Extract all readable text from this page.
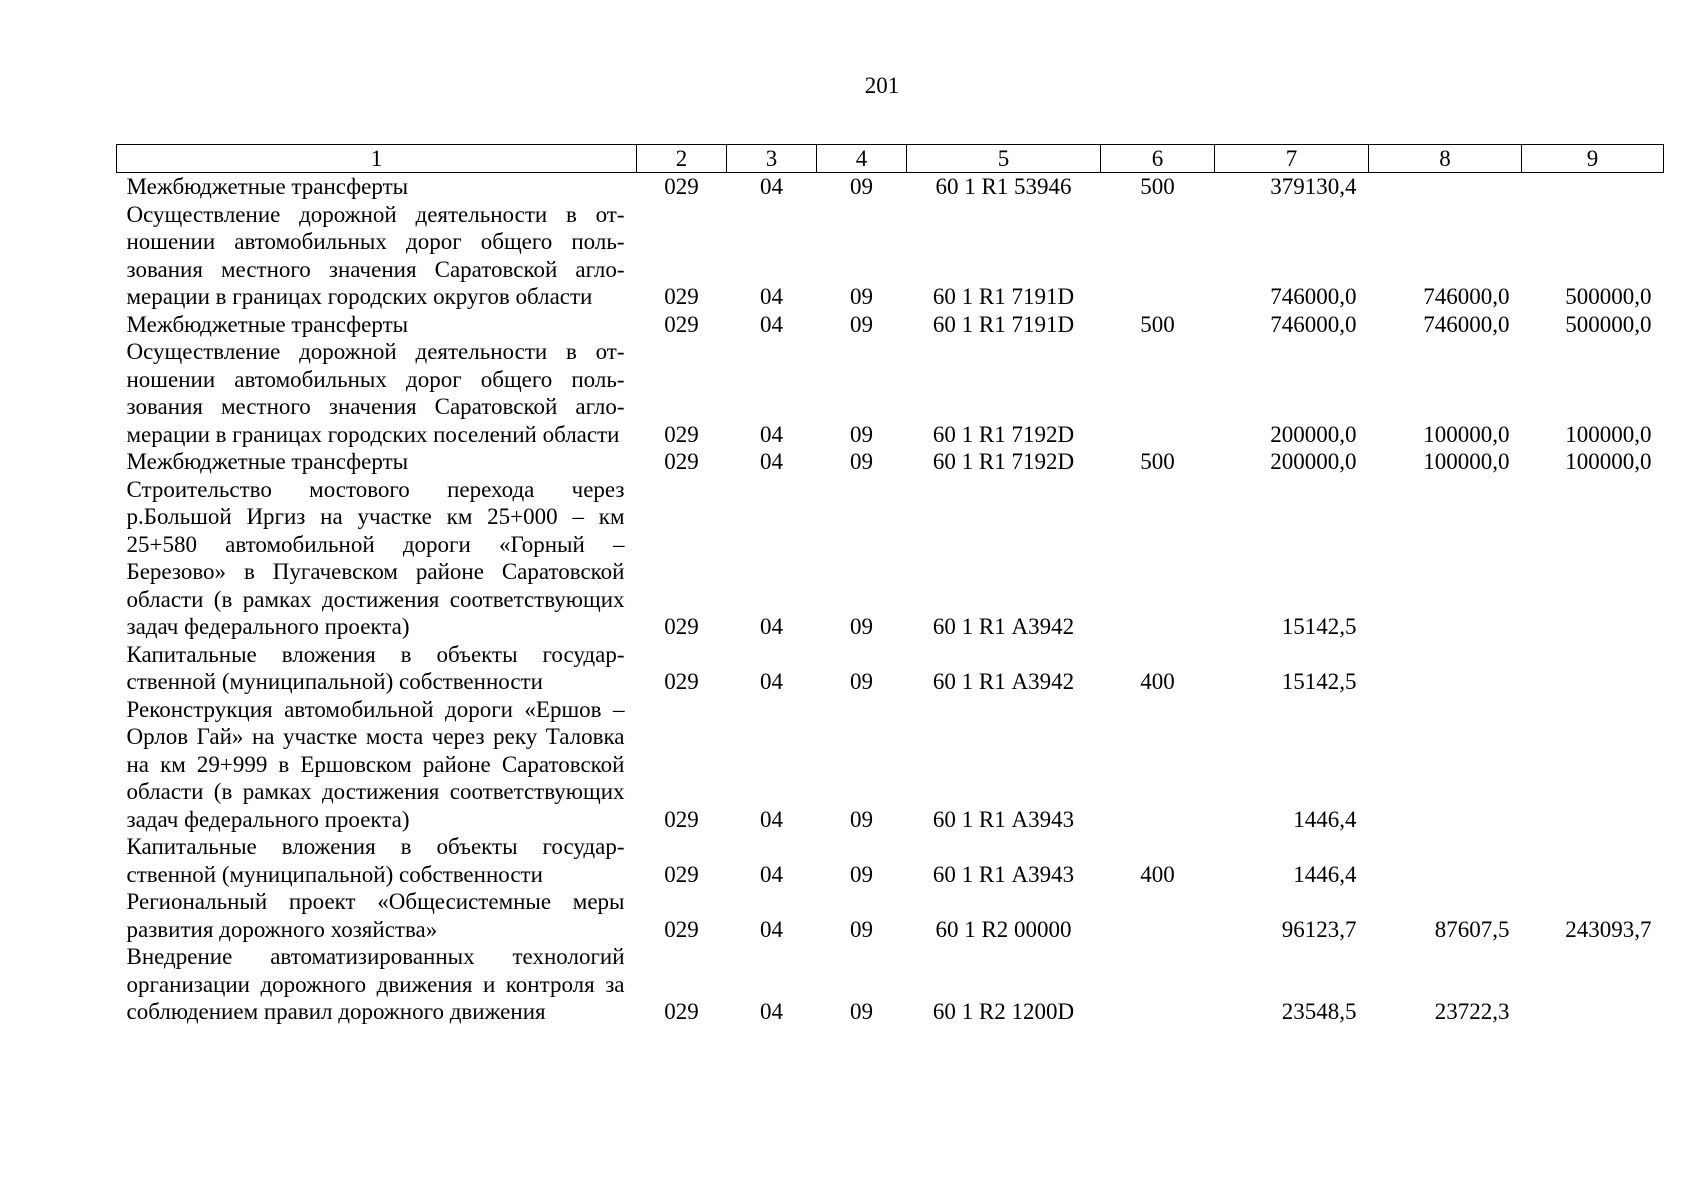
201
1	2	3	4	5	6	7	8	9
Межбюджетные трансферты	029	04	09	60 1 R1 53946	500	379130,4		
Осуществление дорожной деятельности в отношении автомобильных дорог общего пользования местного значения Саратовской агломерации в границах городских округов области	029	04	09	60 1 R1 7191D		746000,0	746000,0	500000,0
Межбюджетные трансферты	029	04	09	60 1 R1 7191D	500	746000,0	746000,0	500000,0
Осуществление дорожной деятельности в отношении автомобильных дорог общего пользования местного значения Саратовской агломерации в границах городских поселений области	029	04	09	60 1 R1 7192D		200000,0	100000,0	100000,0
Межбюджетные трансферты	029	04	09	60 1 R1 7192D	500	200000,0	100000,0	100000,0
Строительство мостового перехода через р.Большой Иргиз на участке км 25+000 – км 25+580 автомобильной дороги «Горный – Березово» в Пугачевском районе Саратовской области (в рамках достижения соответствующих задач федерального проекта)	029	04	09	60 1 R1 А3942		15142,5		
Капитальные вложения в объекты государственной (муниципальной) собственности	029	04	09	60 1 R1 А3942	400	15142,5		
Реконструкция автомобильной дороги «Ершов – Орлов Гай» на участке моста через реку Таловка на км 29+999 в Ершовском районе Саратовской области (в рамках достижения соответствующих задач федерального проекта)	029	04	09	60 1 R1 А3943		1446,4		
Капитальные вложения в объекты государственной (муниципальной) собственности	029	04	09	60 1 R1 А3943	400	1446,4		
Региональный проект «Общесистемные меры развития дорожного хозяйства»	029	04	09	60 1 R2 00000		96123,7	87607,5	243093,7
Внедрение автоматизированных технологий организации дорожного движения и контроля за соблюдением правил дорожного движения	029	04	09	60 1 R2 1200D		23548,5	23722,3	
